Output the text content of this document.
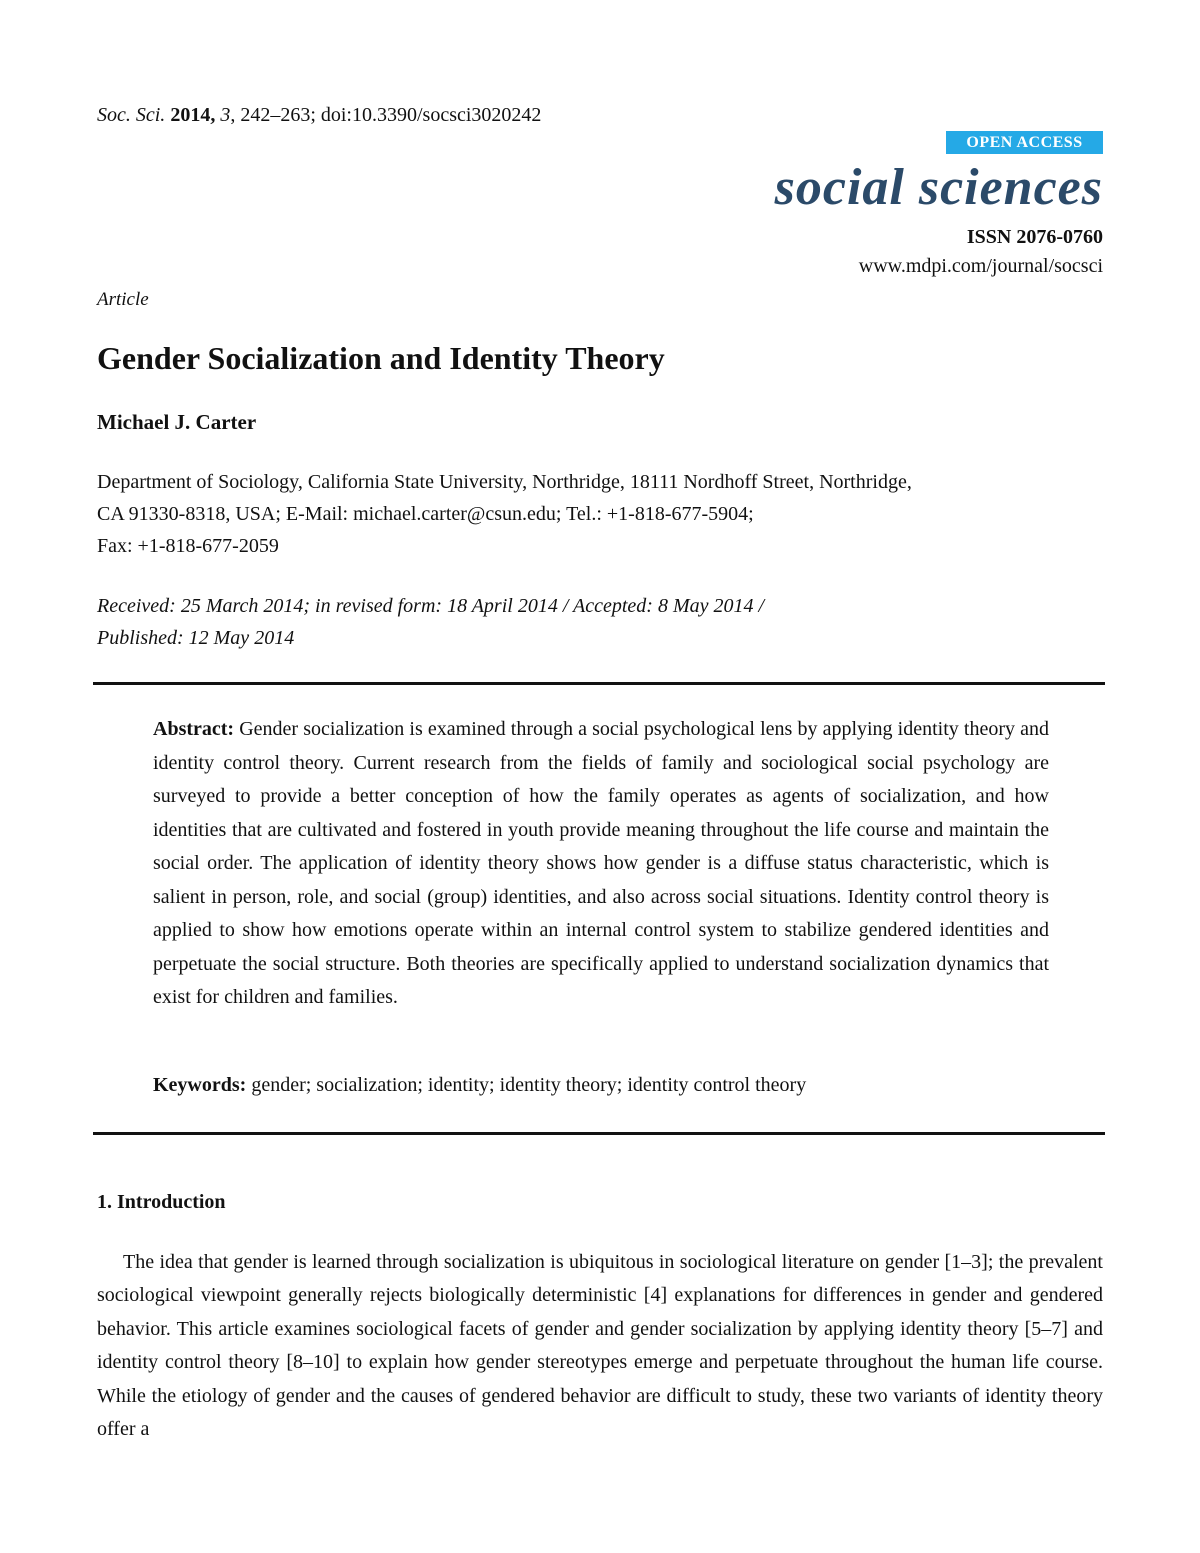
Soc. Sci. 2014, 3, 242–263; doi:10.3390/socsci3020242
OPEN ACCESS
social sciences
ISSN 2076-0760
www.mdpi.com/journal/socsci
Article
Gender Socialization and Identity Theory
Michael J. Carter
Department of Sociology, California State University, Northridge, 18111 Nordhoff Street, Northridge,
CA 91330-8318, USA; E-Mail: michael.carter@csun.edu; Tel.: +1-818-677-5904;
Fax: +1-818-677-2059
Received: 25 March 2014; in revised form: 18 April 2014 / Accepted: 8 May 2014 /
Published: 12 May 2014
Abstract: Gender socialization is examined through a social psychological lens by applying identity theory and identity control theory. Current research from the fields of family and sociological social psychology are surveyed to provide a better conception of how the family operates as agents of socialization, and how identities that are cultivated and fostered in youth provide meaning throughout the life course and maintain the social order. The application of identity theory shows how gender is a diffuse status characteristic, which is salient in person, role, and social (group) identities, and also across social situations. Identity control theory is applied to show how emotions operate within an internal control system to stabilize gendered identities and perpetuate the social structure. Both theories are specifically applied to understand socialization dynamics that exist for children and families.
Keywords: gender; socialization; identity; identity theory; identity control theory
1. Introduction
The idea that gender is learned through socialization is ubiquitous in sociological literature on gender [1–3]; the prevalent sociological viewpoint generally rejects biologically deterministic [4] explanations for differences in gender and gendered behavior. This article examines sociological facets of gender and gender socialization by applying identity theory [5–7] and identity control theory [8–10] to explain how gender stereotypes emerge and perpetuate throughout the human life course. While the etiology of gender and the causes of gendered behavior are difficult to study, these two variants of identity theory offer a
